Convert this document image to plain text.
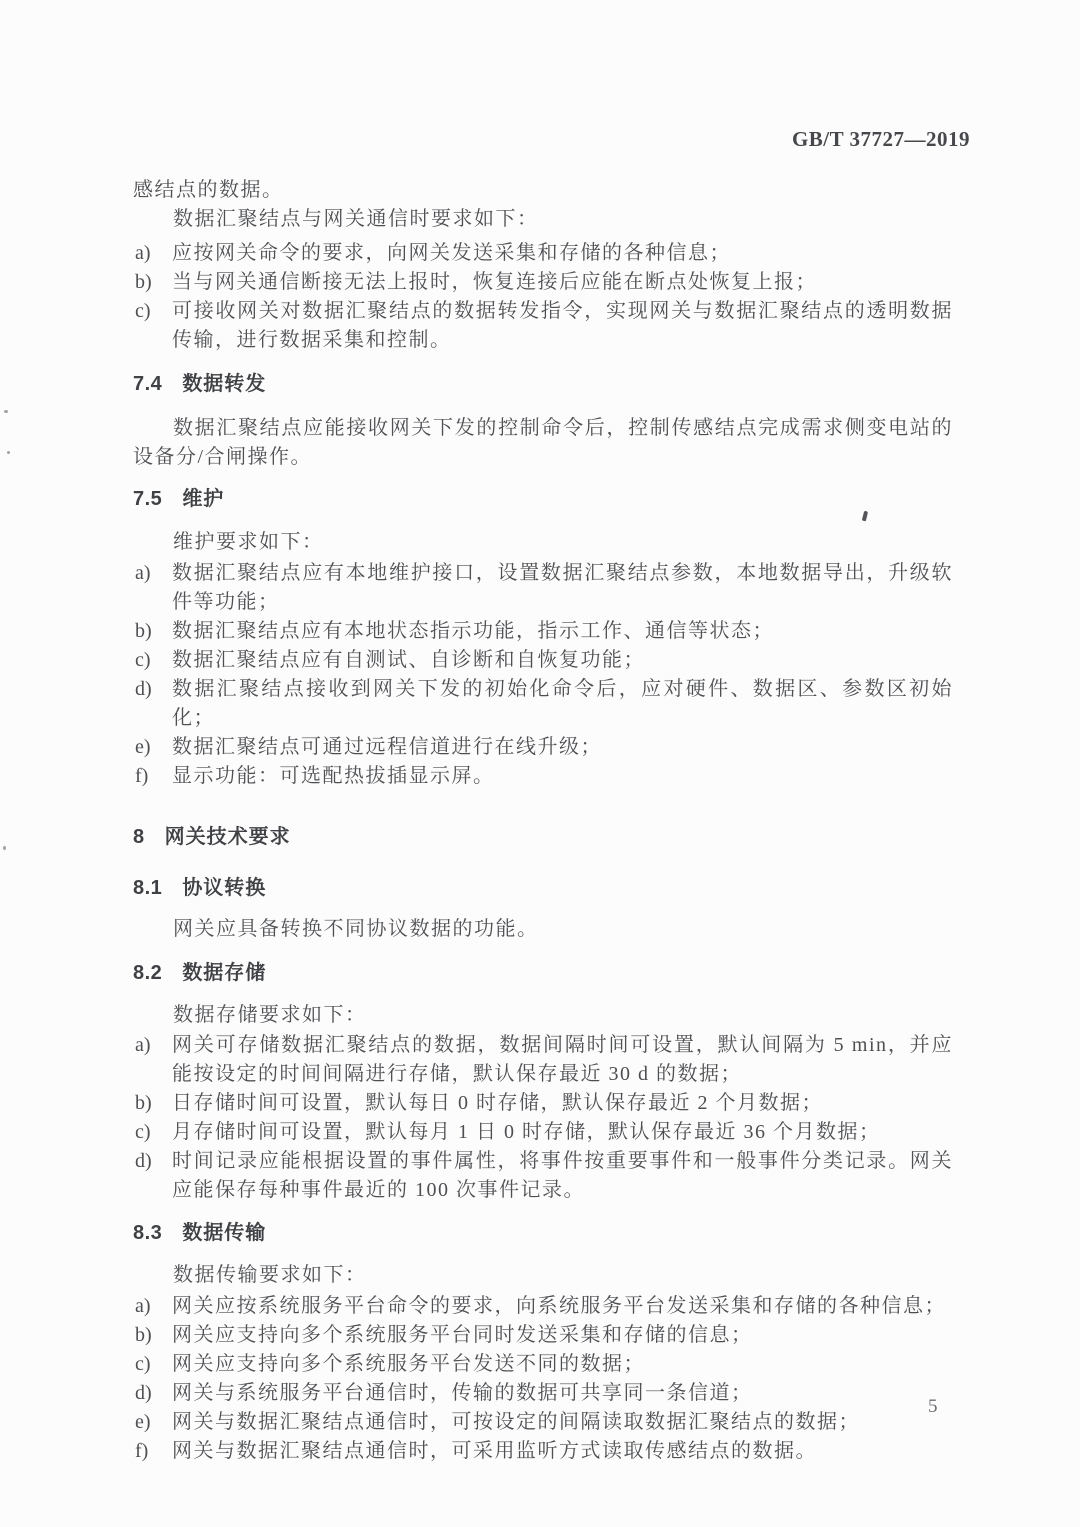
GB/T 37727—2019

感结点的数据。

数据汇聚结点与网关通信时要求如下：

a)	应按网关命令的要求，向网关发送采集和存储的各种信息；
b)	当与网关通信断接无法上报时，恢复连接后应能在断点处恢复上报；
c)	可接收网关对数据汇聚结点的数据转发指令，实现网关与数据汇聚结点的透明数据传输，进行数据采集和控制。
7.4 数据转发

数据汇聚结点应能接收网关下发的控制命令后，控制传感结点完成需求侧变电站的设备分/合闸操作。

7.5 维护

维护要求如下：

a)	数据汇聚结点应有本地维护接口，设置数据汇聚结点参数，本地数据导出，升级软件等功能；
b)	数据汇聚结点应有本地状态指示功能，指示工作、通信等状态；
c)	数据汇聚结点应有自测试、自诊断和自恢复功能；
d)	数据汇聚结点接收到网关下发的初始化命令后，应对硬件、数据区、参数区初始化；
e)	数据汇聚结点可通过远程信道进行在线升级；
f)	显示功能：可选配热拔插显示屏。
8 网关技术要求
8.1 协议转换

网关应具备转换不同协议数据的功能。

8.2 数据存储

数据存储要求如下：

a)	网关可存储数据汇聚结点的数据，数据间隔时间可设置，默认间隔为 5 min，并应能按设定的时间间隔进行存储，默认保存最近 30 d 的数据；
b)	日存储时间可设置，默认每日 0 时存储，默认保存最近 2 个月数据；
c)	月存储时间可设置，默认每月 1 日 0 时存储，默认保存最近 36 个月数据；
d)	时间记录应能根据设置的事件属性，将事件按重要事件和一般事件分类记录。网关应能保存每种事件最近的 100 次事件记录。
8.3 数据传输

数据传输要求如下：

a)	网关应按系统服务平台命令的要求，向系统服务平台发送采集和存储的各种信息；
b)	网关应支持向多个系统服务平台同时发送采集和存储的信息；
c)	网关应支持向多个系统服务平台发送不同的数据；
d)	网关与系统服务平台通信时，传输的数据可共享同一条信道；
e)	网关与数据汇聚结点通信时，可按设定的间隔读取数据汇聚结点的数据；
f)	网关与数据汇聚结点通信时，可采用监听方式读取传感结点的数据。
5
